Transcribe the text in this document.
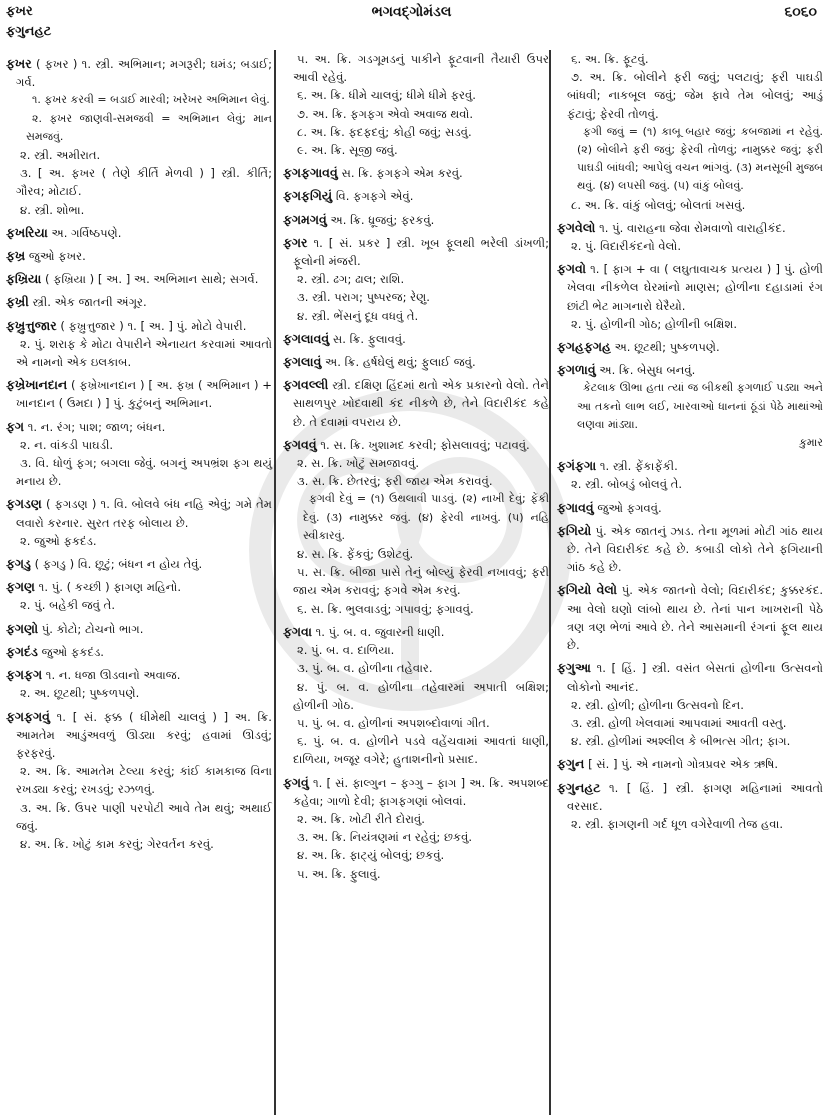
ફખર
ફગુનહટ
ભગવદ્ગોમંડલ	૬૦૬૦

ફખર ( ફખર ) ૧. સ્ત્રી. અભિમાન; મગરૂરી; ઘમંડ; બડાઈ; ગર્વ.

૧. ફખર કરવી = બડાઈ મારવી; ખરેખર અભિમાન લેવું.

૨. ફખર જાણવી-સમજવી = અભિમાન લેવું; માન સમજવું.

૨. સ્ત્રી. અમીરાત.

૩. [ અ. ફખર ( તેણે કીર્તિ મેળવી ) ] સ્ત્રી. કીર્તિ; ગૌરવ; મોટાઈ.

૪. સ્ત્રી. શોભા.

ફખરિયા અ. ગર્વિષ્ઠપણે.

ફખ્ર જુઓ ફખર.

ફખ્રિયા ( ફખ્રિયા ) [ અ. ] અ. અભિમાન સાથે; સગર્વ.

ફખ્રી સ્ત્રી. એક જાતની અંગૂર.

ફખ્રુત્તુજાર ( ફખ્રુત્તુજાર ) ૧. [ અ. ] પું. મોટો વેપારી.

૨. પું. શરાફ કે મોટા વેપારીને એનાયત કરવામાં આવતો એ નામનો એક ઇલકાબ.

ફખ્રેખાનદાન ( ફખ્રેખાનદાન ) [ અ. ફખ્ર ( અભિમાન ) + ખાનદાન ( ઉમદા ) ] પું. કુટુંબનું અભિમાન.

ફગ ૧. ન. રંગ; પાશ; જાળ; બંધન.

૨. ન. વાંકડી પાઘડી.

૩. વિ. ધોળું ફગ; બગલા જેવું. બગનું અપભ્રંશ ફગ થયું મનાય છે.

ફગડણ ( ફગડણ ) ૧. વિ. બોલવે બંધ નહિ એવું; ગમે તેમ લવારો કરનાર. સુરત તરફ બોલાય છે.

૨. જુઓ ફકદંડ.

ફગડુ ( ફગડુ ) વિ. છૂટું; બંધન ન હોય તેવું.

ફગણ ૧. પું. ( કચ્છી ) ફાગણ મહિનો.

૨. પું. બહેકી જવું તે.

ફગણો પું. કોટો; ટોચનો ભાગ.

ફગદંડ જુઓ ફકદંડ.

ફગફગ ૧. ન. ધજા ઊડવાનો અવાજ.

૨. અ. છૂટથી; પુષ્કળપણે.

ફગફગવું ૧. [ સં. ફક્ક ( ધીમેથી ચાલવું ) ] અ. ક્રિ. આમતેમ આડુંઅવળું ઊડ્યા કરવું; હવામાં ઊડવું; ફરફરવું.

૨. અ. ક્રિ. આમતેમ ટેલ્યા કરવું; કાંઈ કામકાજ વિના રખડ્યા કરવું; રખડવું; રઝળવું.

૩. અ. ક્રિ. ઉપર પાણી પરપોટી આવે તેમ થવું; અથાઈ જવું.

૪. અ. ક્રિ. ખોટું કામ કરવું; ગેરવર્તન કરવું.

૫. અ. ક્રિ. ગડગૂમડનું પાકીને ફૂટવાની તૈયારી ઉપર આવી રહેવું.

૬. અ. ક્રિ. ધીમે ચાલવું; ધીમે ધીમે ફરવું.

૭. અ. ક્રિ. ફગફગ એવો અવાજ થવો.

૮. અ. ક્રિ. ફદફદવું; કોહી જવું; સડવું.

૯. અ. ક્રિ. સૂજી જવું.

ફગફગાવવું સ. ક્રિ. ફગફગે એમ કરવું.

ફગફગિયું વિ. ફગફગે એવું.

ફગમગવું અ. ક્રિ. ધ્રૂજવું; ફરકવું.

ફગર ૧. [ સં. પ્રકર ] સ્ત્રી. ખૂબ ફૂલથી ભરેલી ડાંખળી; ફૂલોની મંજરી.

૨. સ્ત્રી. ઢગ; ઢાલ; રાશિ.

૩. સ્ત્રી. પરાગ; પુષ્પરજ; રેણુ.

૪. સ્ત્રી. ભેંસનું દૂધ વધવું તે.

ફગલાવવું સ. ક્રિ. ફુલાવવું.

ફગલાવું અ. ક્રિ. હર્ષઘેલું થવું; ફુલાઈ જવું.

ફગવલ્લી સ્ત્રી. દક્ષિણ હિંદમાં થતો એક પ્રકારનો વેલો. તેને સાથળપુર ખોદવાથી કંદ નીકળે છે, તેને વિદારીકંદ કહે છે. તે દવામાં વપરાય છે.

ફગવવું ૧. સ. ક્રિ. ખુશામદ કરવી; ફોસલાવવું; પટાવવું.

૨. સ. ક્રિ. ખોટું સમજાવવું.

૩. સ. ક્રિ. છેતરવું; ફરી જાય એમ કરાવવું.

ફગવી દેવું = (૧) ઉથલાવી પાડવું. (૨) નાખી દેવું; ફેંકી દેવું. (૩) નામુક્કર જવું. (૪) ફેરવી નાખવું. (૫) નહિ સ્વીકારવું.

૪. સ. ક્રિ. ફેંકવું; ઉશેટવું.

૫. સ. ક્રિ. બીજા પાસે તેનું બોલ્યું ફેરવી નખાવવું; ફરી જાય એમ કરાવવું; ફગવે એમ કરવું.

૬. સ. ક્રિ. ભુલવાડવું; ગપાવવું; ફગાવવું.

ફગવા ૧. પું. બ. વ. જુવારની ધાણી.

૨. પું. બ. વ. દાળિયા.

૩. પું. બ. વ. હોળીના તહેવાર.

૪. પું. બ. વ. હોળીના તહેવારમાં અપાતી બક્ષિશ; હોળીની ગોઠ.

૫. પું. બ. વ. હોળીનાં અપશબ્દોવાળાં ગીત.

૬. પું. બ. વ. હોળીને પડવે વહેંચવામાં આવતાં ધાણી, દાળિયા, ખજૂર વગેરે; હુતાશનીનો પ્રસાદ.

ફગવું ૧. [ સં. ફાલ્ગુન – ફગ્ગુ – ફાગ ] અ. ક્રિ. અપશબ્દ કહેવા; ગાળો દેવી; ફાગફગણાં બોલવાં.

૨. અ. ક્રિ. ખોટી રીતે દોરાવું.

૩. અ. ક્રિ. નિયંત્રણમાં ન રહેવું; છકવું.

૪. અ. ક્રિ. ફાટ્યું બોલવું; છકવું.

૫. અ. ક્રિ. ફુલાવું.

૬. અ. ક્રિ. ફૂટવું.

૭. અ. ક્રિ. બોલીને ફરી જવું; પલટાવું; ફરી પાઘડી બાંધવી; નાકબૂલ જવું; જેમ ફાવે તેમ બોલવું; આડું ફંટાવું; ફેરવી તોળવું.

ફગી જવું = (૧) કાબૂ બહાર જવું; કબજામાં ન રહેવું. (૨) બોલીને ફરી જવું; ફેરવી તોળવું; નામુક્કર જવું; ફરી પાઘડી બાંધવી; આપેલું વચન ભાંગવું. (૩) મનસૂબી મુજબ થવું. (૪) લપસી જવું. (૫) વાંકું બોલવું.

૮. અ. ક્રિ. વાંકું બોલવું; બોલતાં ખસવું.

ફગવેલો ૧. પું. વારાહના જેવા રોમવાળો વારાહીકંદ.

૨. પું. વિદારીકંદનો વેલો.

ફગવો ૧. [ ફાગ + વા ( લઘુતાવાચક પ્રત્યય ) ] પું. હોળી ખેલવા નીકળેલ ઘેરમાંનો માણસ; હોળીના દહાડામાં રંગ છાંટી ભેટ માગનારો ઘેરૈયો.

૨. પું. હોળીની ગોઠ; હોળીની બક્ષિશ.

ફગહફગહ અ. છૂટથી; પુષ્કળપણે.

ફગળાવું અ. ક્રિ. બેસુધ બનવું.

કેટલાક ઊભા હતા ત્યાં જ બીકથી ફગળાઈ પડ્યા અને આ તકનો લાભ લઈ, ખારવાઓ ધાનનાં ઠૂંડાં પેઠે માથાંઓ લણવા માંડ્યા.

કુમાર

ફગંફગા ૧. સ્ત્રી. ફેંકાફેંકી.

૨. સ્ત્રી. બોબડું બોલવું તે.

ફગાવવું જુઓ ફગવવું.

ફગિયો પું. એક જાતનું ઝાડ. તેના મૂળમાં મોટી ગાંઠ થાય છે. તેને વિદારીકંદ કહે છે. કબાડી લોકો તેને ફગિયાની ગાંઠ કહે છે.

ફગિયો વેલો પું. એક જાતનો વેલો; વિદારીકંદ; કુક્કરકંદ. આ વેલો ઘણો લાંબો થાય છે. તેનાં પાન ખાખરાની પેઠે ત્રણ ત્રણ ભેળાં આવે છે. તેને આસમાની રંગનાં ફૂલ થાય છે.

ફગુઆ ૧. [ હિં. ] સ્ત્રી. વસંત બેસતાં હોળીના ઉત્સવનો લોકોનો આનંદ.

૨. સ્ત્રી. હોળી; હોળીના ઉત્સવનો દિન.

૩. સ્ત્રી. હોળી ખેલવામાં આપવામાં આવતી વસ્તુ.

૪. સ્ત્રી. હોળીમાં અશ્લીલ કે બીભત્સ ગીત; ફાગ.

ફગુન [ સં. ] પું. એ નામનો ગોત્રપ્રવર એક ઋષિ.

ફગુનહટ ૧. [ હિં. ] સ્ત્રી. ફાગણ મહિનામાં આવતો વરસાદ.

૨. સ્ત્રી. ફાગણની ગર્દ ધૂળ વગેરેવાળી તેજ હવા.
